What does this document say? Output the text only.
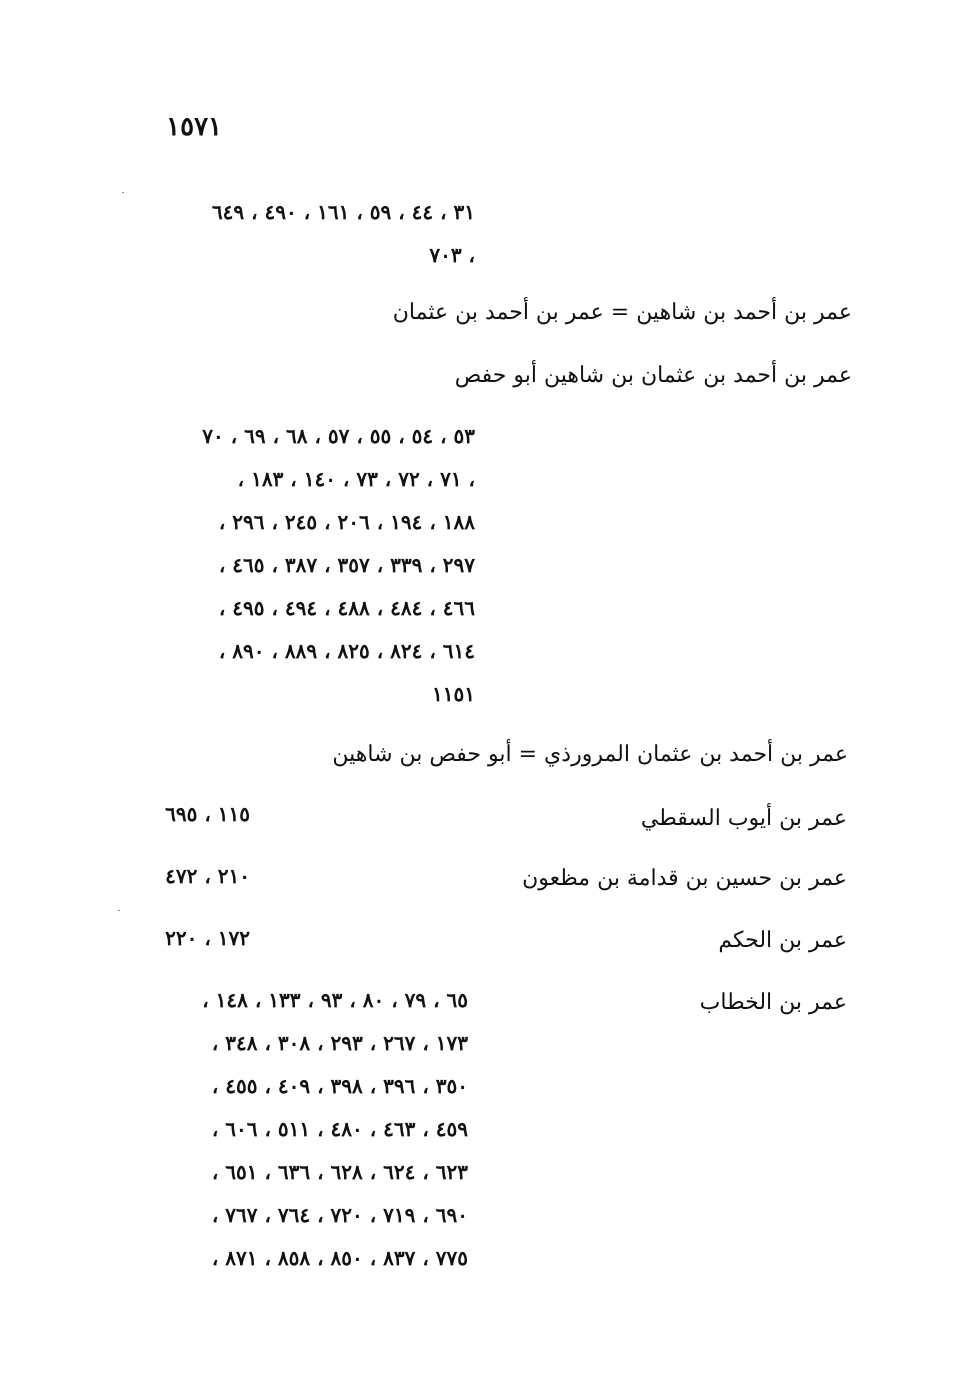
١٥٧١
٣١ ، ٤٤ ، ٥٩ ، ١٦١ ، ٤٩٠ ، ٦٤٩
، ٧٠٣
عمر بن أحمد بن شاهين = عمر بن أحمد بن عثمان
عمر بن أحمد بن عثمان بن شاهين أبو حفص
٥٣ ، ٥٤ ، ٥٥ ، ٥٧ ، ٦٨ ، ٦٩ ، ٧٠
، ٧١ ، ٧٢ ، ٧٣ ، ١٤٠ ، ١٨٣ ،
١٨٨ ، ١٩٤ ، ٢٠٦ ، ٢٤٥ ، ٢٩٦ ،
٢٩٧ ، ٣٣٩ ، ٣٥٧ ، ٣٨٧ ، ٤٦٥ ،
٤٦٦ ، ٤٨٤ ، ٤٨٨ ، ٤٩٤ ، ٤٩٥ ،
٦١٤ ، ٨٢٤ ، ٨٢٥ ، ٨٨٩ ، ٨٩٠ ،
١١٥١
عمر بن أحمد بن عثمان المرورذي = أبو حفص بن شاهين
عمر بن أيوب السقطي
١١٥ ، ٦٩٥
عمر بن حسين بن قدامة بن مظعون
٢١٠ ، ٤٧٢
عمر بن الحكم
١٧٢ ، ٢٢٠
عمر بن الخطاب
٦٥ ، ٧٩ ، ٨٠ ، ٩٣ ، ١٣٣ ، ١٤٨ ،
١٧٣ ، ٢٦٧ ، ٢٩٣ ، ٣٠٨ ، ٣٤٨ ،
٣٥٠ ، ٣٩٦ ، ٣٩٨ ، ٤٠٩ ، ٤٥٥ ،
٤٥٩ ، ٤٦٣ ، ٤٨٠ ، ٥١١ ، ٦٠٦ ،
٦٢٣ ، ٦٢٤ ، ٦٢٨ ، ٦٣٦ ، ٦٥١ ،
٦٩٠ ، ٧١٩ ، ٧٢٠ ، ٧٦٤ ، ٧٦٧ ،
٧٧٥ ، ٨٣٧ ، ٨٥٠ ، ٨٥٨ ، ٨٧١ ،
